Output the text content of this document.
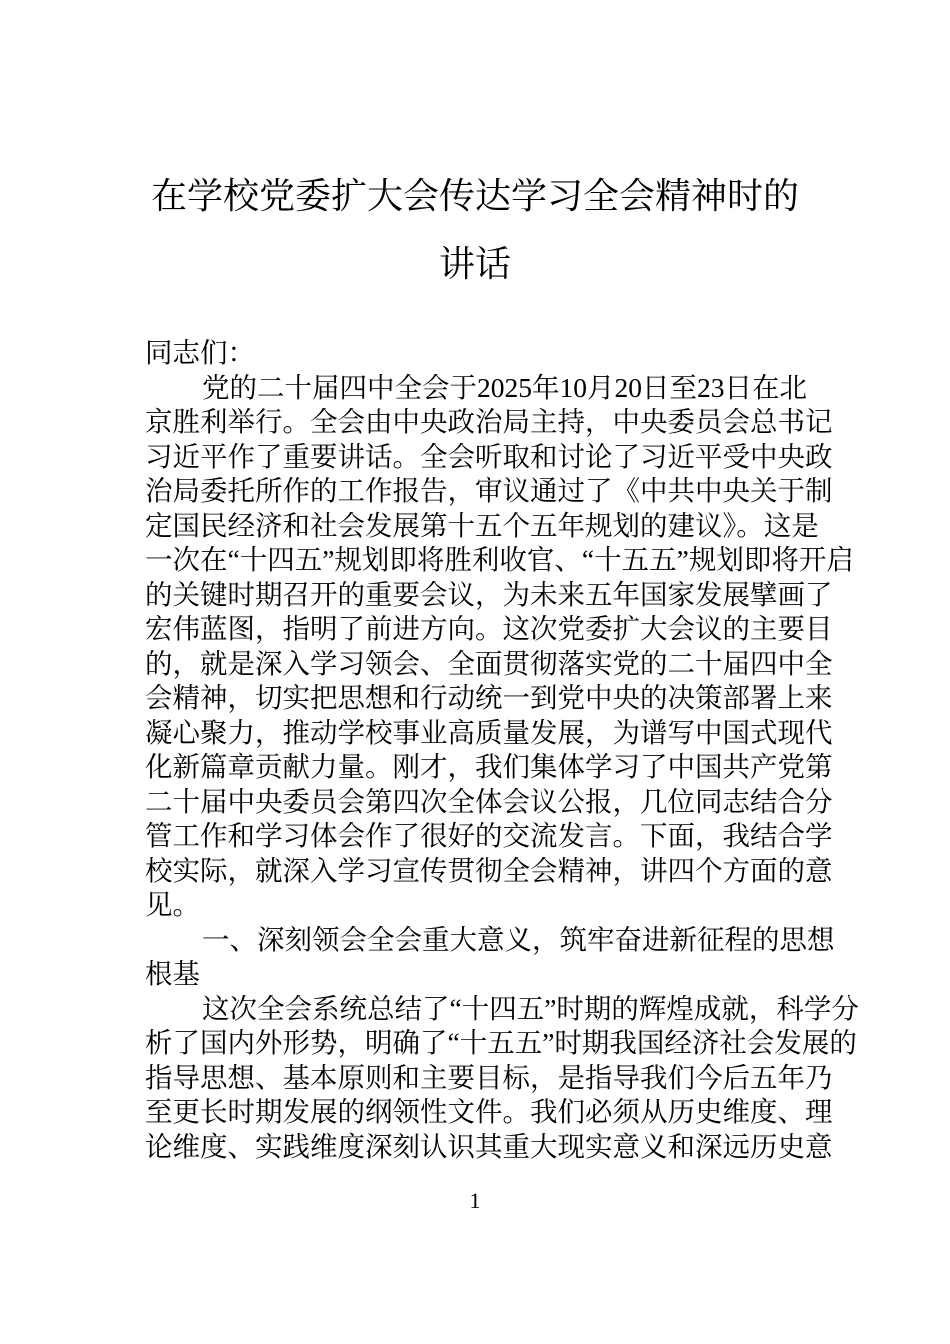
在学校党委扩大会传达学习全会精神时的
讲话
同志们：
党的二十届四中全会于2025年10月20日至23日在北
京胜利举行。全会由中央政治局主持，中央委员会总书记
习近平作了重要讲话。全会听取和讨论了习近平受中央政
治局委托所作的工作报告，审议通过了《中共中央关于制
定国民经济和社会发展第十五个五年规划的建议》。这是
一次在“十四五”规划即将胜利收官、“十五五”规划即将开启
的关键时期召开的重要会议，为未来五年国家发展擘画了
宏伟蓝图，指明了前进方向。这次党委扩大会议的主要目
的，就是深入学习领会、全面贯彻落实党的二十届四中全
会精神，切实把思想和行动统一到党中央的决策部署上来
凝心聚力，推动学校事业高质量发展，为谱写中国式现代
化新篇章贡献力量。刚才，我们集体学习了中国共产党第
二十届中央委员会第四次全体会议公报，几位同志结合分
管工作和学习体会作了很好的交流发言。下面，我结合学
校实际，就深入学习宣传贯彻全会精神，讲四个方面的意
见。
一、深刻领会全会重大意义，筑牢奋进新征程的思想
根基
这次全会系统总结了“十四五”时期的辉煌成就，科学分
析了国内外形势，明确了“十五五”时期我国经济社会发展的
指导思想、基本原则和主要目标，是指导我们今后五年乃
至更长时期发展的纲领性文件。我们必须从历史维度、理
论维度、实践维度深刻认识其重大现实意义和深远历史意
1
